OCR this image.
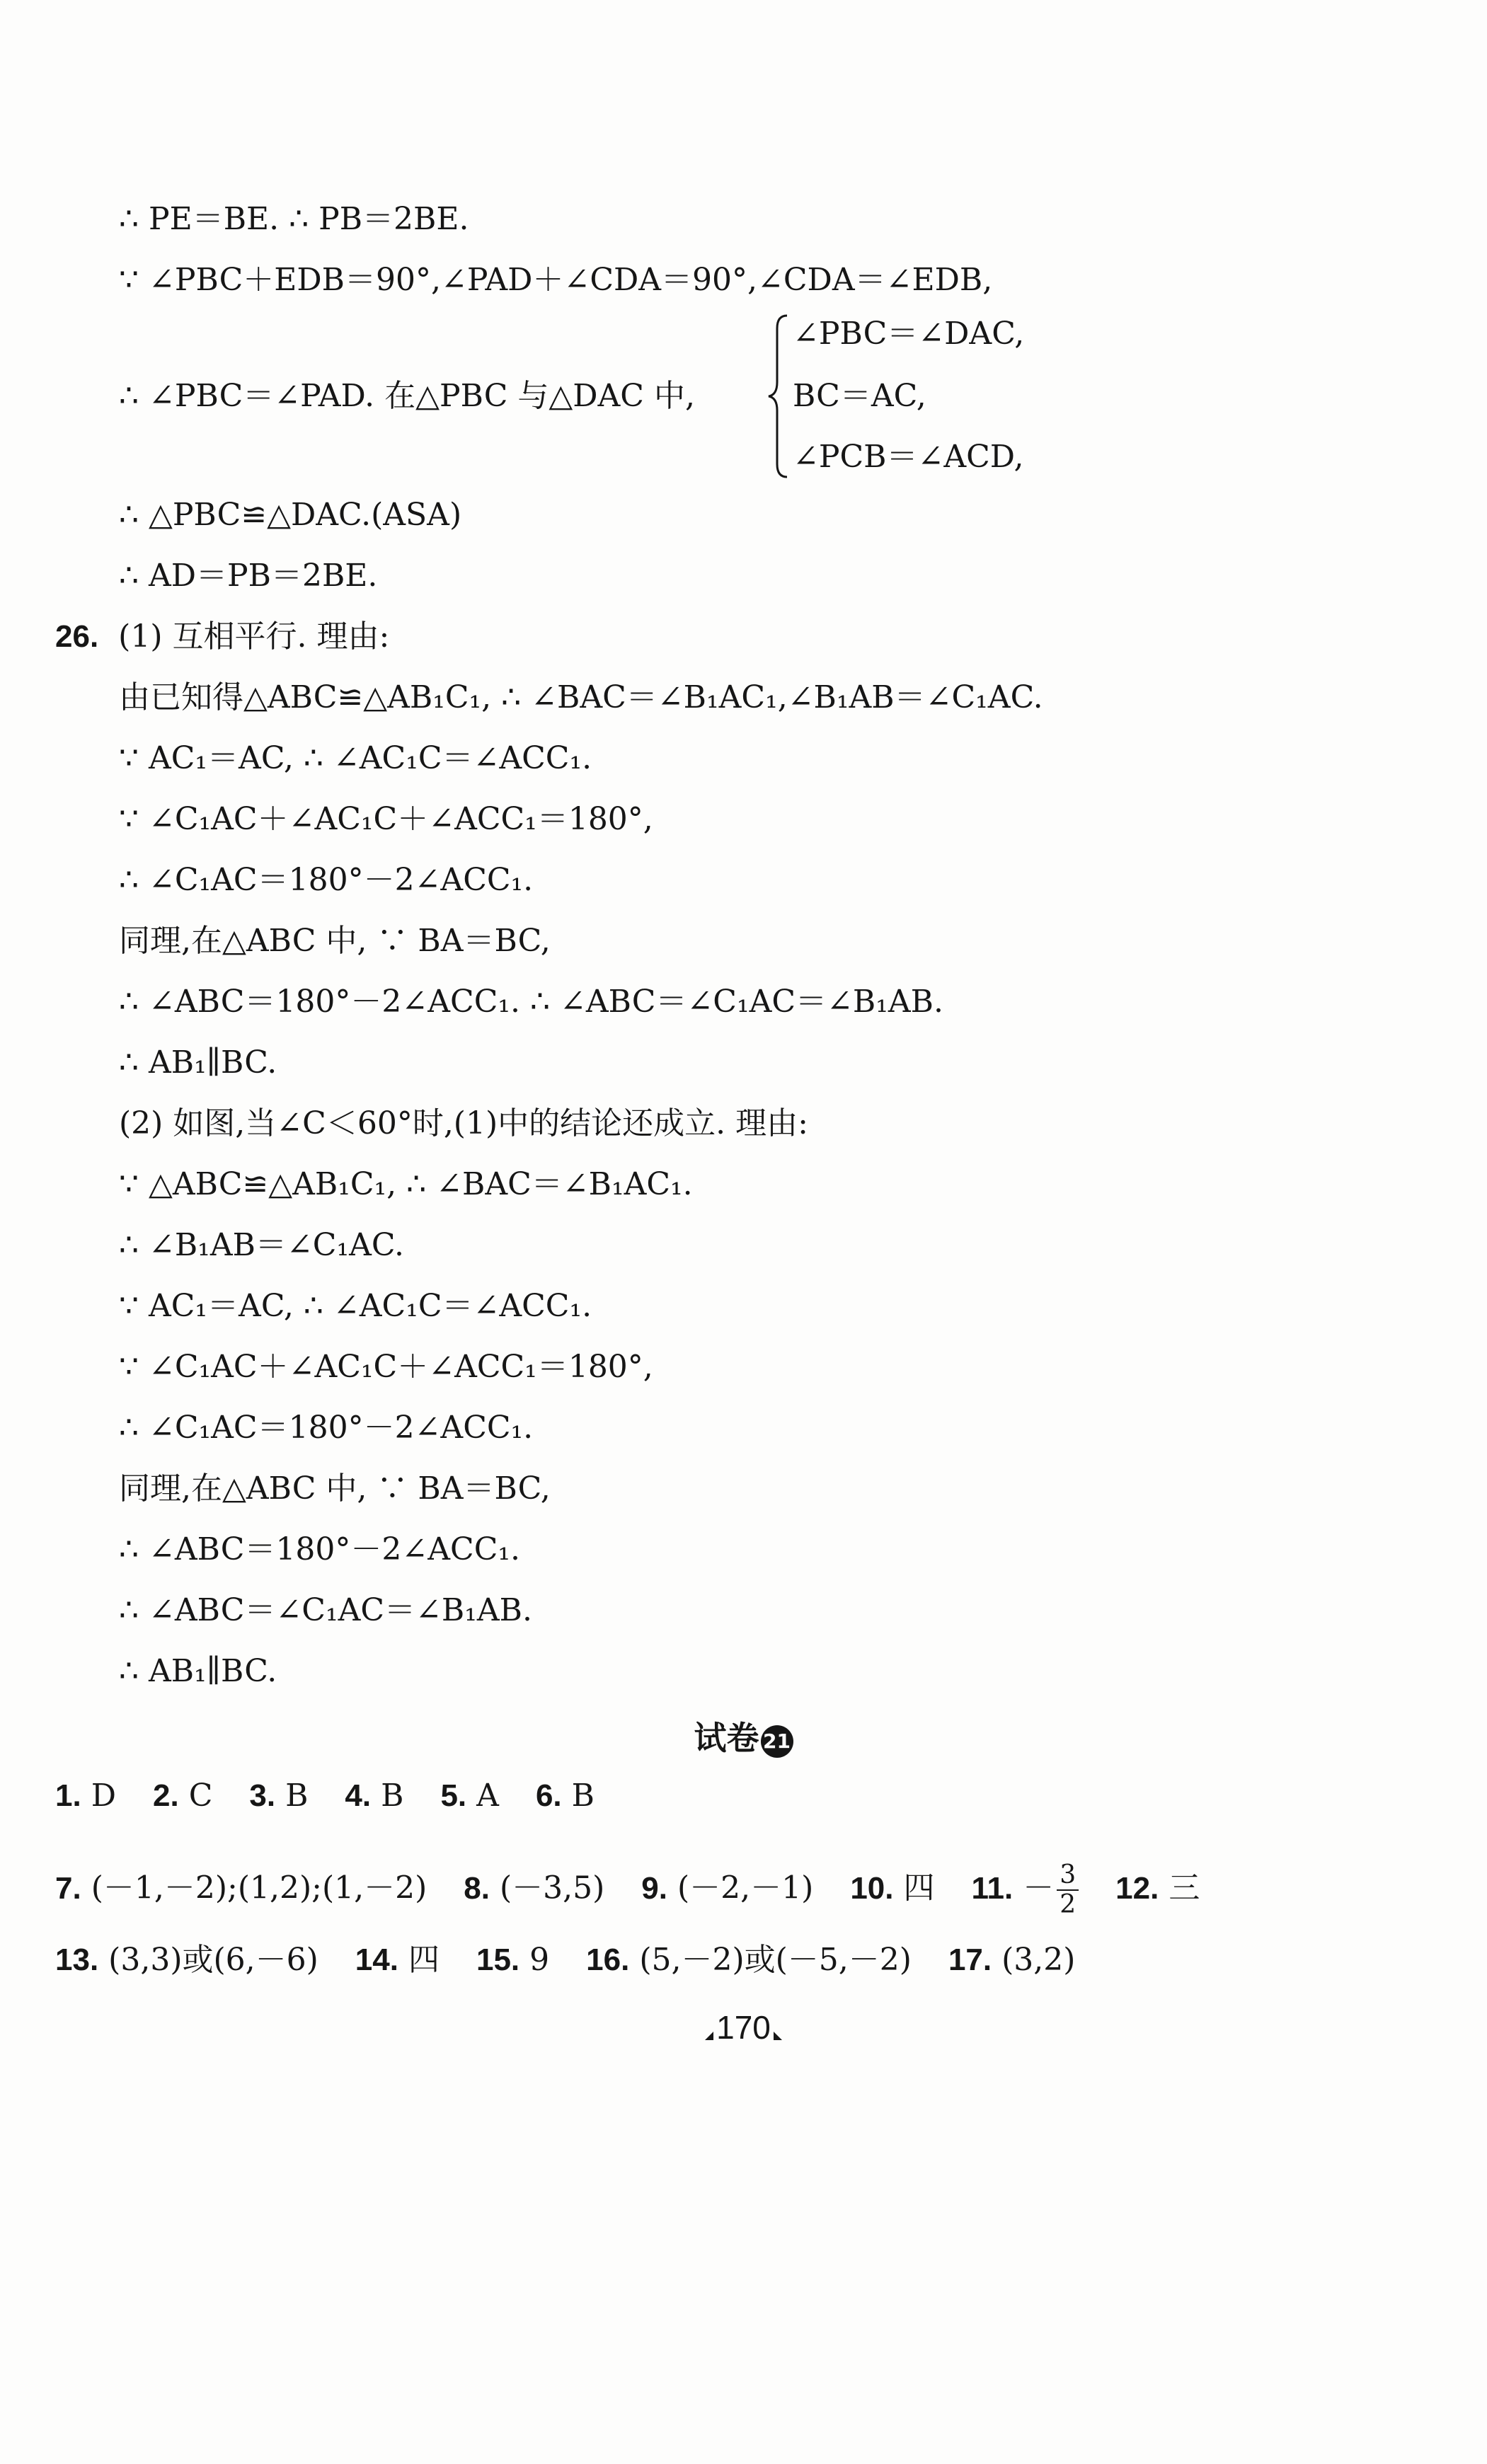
∴ PE＝BE. ∴ PB＝2BE.
∵ ∠PBC＋EDB＝90°,∠PAD＋∠CDA＝90°,∠CDA＝∠EDB,
∴ ∠PBC＝∠PAD. 在△PBC 与△DAC 中,
∠PBC＝∠DAC,
BC＝AC,
∠PCB＝∠ACD,
∴ △PBC≌△DAC.(ASA)
∴ AD＝PB＝2BE.
26. (1) 互相平行. 理由:
由已知得△ABC≌△AB₁C₁, ∴ ∠BAC＝∠B₁AC₁,∠B₁AB＝∠C₁AC.
∵ AC₁＝AC, ∴ ∠AC₁C＝∠ACC₁.
∵ ∠C₁AC＋∠AC₁C＋∠ACC₁＝180°,
∴ ∠C₁AC＝180°－2∠ACC₁.
同理,在△ABC 中, ∵ BA＝BC,
∴ ∠ABC＝180°－2∠ACC₁. ∴ ∠ABC＝∠C₁AC＝∠B₁AB.
∴ AB₁∥BC.
(2) 如图,当∠C＜60°时,(1)中的结论还成立. 理由:
∵ △ABC≌△AB₁C₁, ∴ ∠BAC＝∠B₁AC₁.
∴ ∠B₁AB＝∠C₁AC.
∵ AC₁＝AC, ∴ ∠AC₁C＝∠ACC₁.
∵ ∠C₁AC＋∠AC₁C＋∠ACC₁＝180°,
∴ ∠C₁AC＝180°－2∠ACC₁.
同理,在△ABC 中, ∵ BA＝BC,
∴ ∠ABC＝180°－2∠ACC₁.
∴ ∠ABC＝∠C₁AC＝∠B₁AB.
∴ AB₁∥BC.
试卷 21
1. D 2. C 3. B 4. B 5. A 6. B
7. (－1,－2);(1,2);(1,－2) 8. (－3,5) 9. (－2,－1) 10. 四 11. － $\frac{3}{2} 12$. 三
13. (3,3)或(6,－6) 14. 四 15. 9 16. (5,－2)或(－5,－2) 17. (3,2)
170
